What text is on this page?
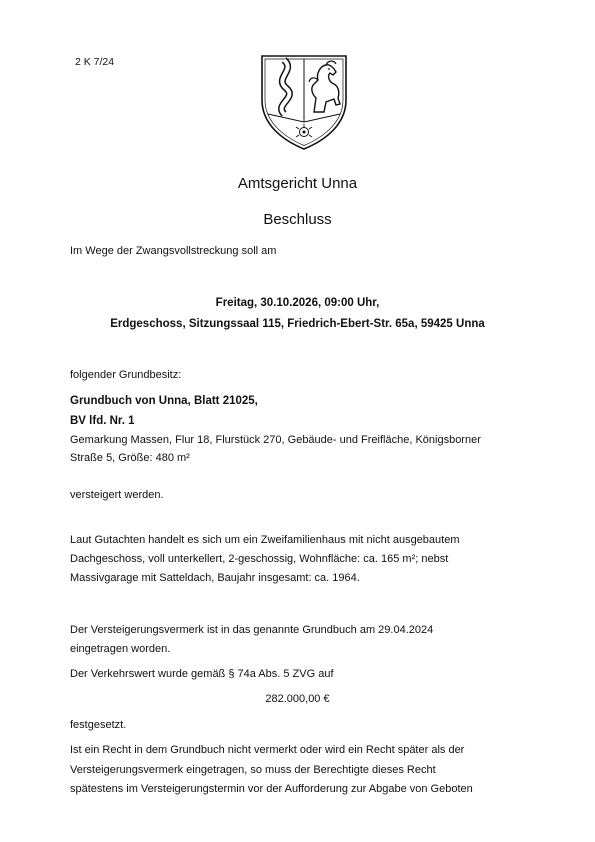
2 K 7/24

Amtsgericht Unna

Beschluss

Im Wege der Zwangsvollstreckung soll am

Freitag, 30.10.2026, 09:00 Uhr,

Erdgeschoss, Sitzungssaal 115, Friedrich-Ebert-Str. 65a, 59425 Unna

folgender Grundbesitz:

Grundbuch von Unna, Blatt 21025,

BV lfd. Nr. 1

Gemarkung Massen, Flur 18, Flurstück 270, Gebäude- und Freifläche, Königsborner

Straße 5, Größe: 480 m²

versteigert werden.

Laut Gutachten handelt es sich um ein Zweifamilienhaus mit nicht ausgebautem

Dachgeschoss, voll unterkellert, 2-geschossig, Wohnfläche: ca. 165 m²; nebst

Massivgarage mit Satteldach, Baujahr insgesamt: ca. 1964.

Der Versteigerungsvermerk ist in das genannte Grundbuch am 29.04.2024

eingetragen worden.

Der Verkehrswert wurde gemäß § 74a Abs. 5 ZVG auf

282.000,00 €

festgesetzt.

Ist ein Recht in dem Grundbuch nicht vermerkt oder wird ein Recht später als der

Versteigerungsvermerk eingetragen, so muss der Berechtigte dieses Recht

spätestens im Versteigerungstermin vor der Aufforderung zur Abgabe von Geboten
